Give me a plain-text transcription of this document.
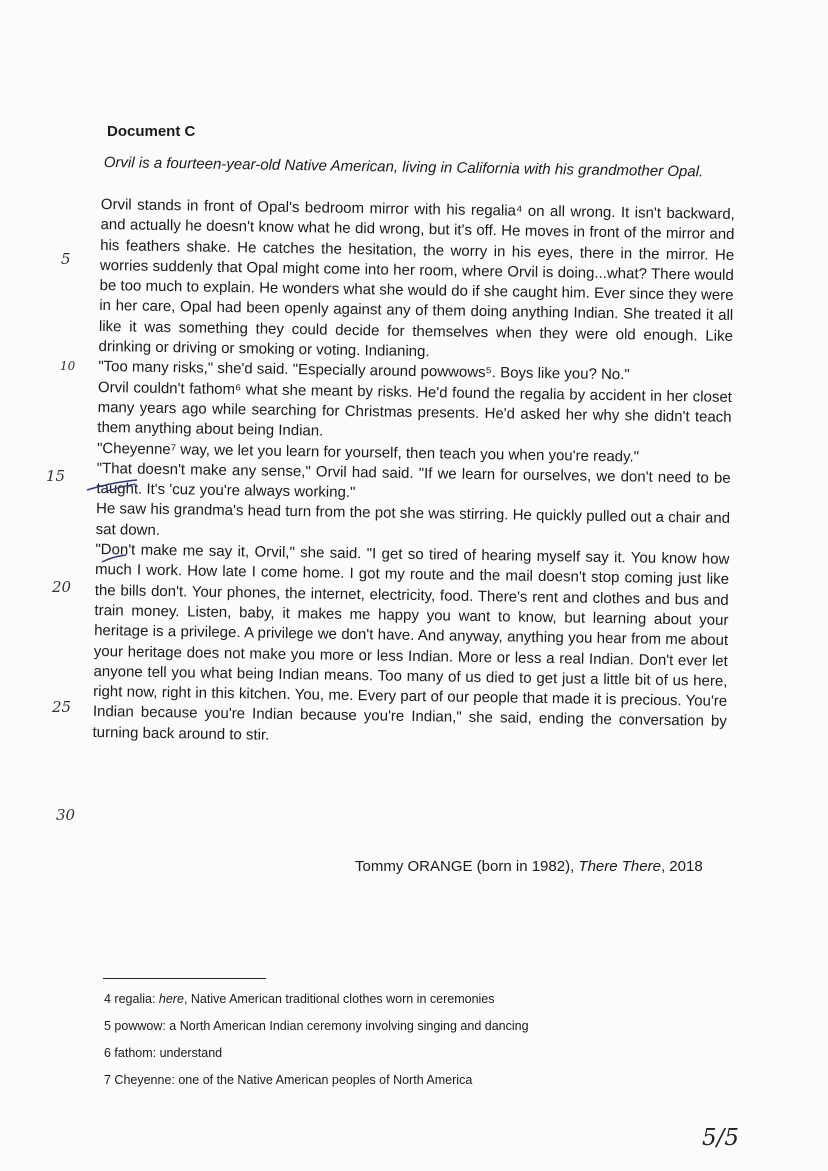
Document C
Orvil is a fourteen-year-old Native American, living in California with his grandmother Opal.

Orvil stands in front of Opal's bedroom mirror with his regalia⁴ on all wrong. It isn't backward, and actually he doesn't know what he did wrong, but it's off. He moves in front of the mirror and his feathers shake. He catches the hesitation, the worry in his eyes, there in the mirror. He worries suddenly that Opal might come into her room, where Orvil is doing...what? There would be too much to explain. He wonders what she would do if she caught him. Ever since they were in her care, Opal had been openly against any of them doing anything Indian. She treated it all like it was something they could decide for themselves when they were old enough. Like drinking or driving or smoking or voting. Indianing.

"Too many risks," she'd said. "Especially around powwows⁵. Boys like you? No."

Orvil couldn't fathom⁶ what she meant by risks. He'd found the regalia by accident in her closet many years ago while searching for Christmas presents. He'd asked her why she didn't teach them anything about being Indian.

"Cheyenne⁷ way, we let you learn for yourself, then teach you when you're ready."

"That doesn't make any sense," Orvil had said. "If we learn for ourselves, we don't need to be taught. It's 'cuz you're always working."

He saw his grandma's head turn from the pot she was stirring. He quickly pulled out a chair and sat down.

"Don't make me say it, Orvil," she said. "I get so tired of hearing myself say it. You know how much I work. How late I come home. I got my route and the mail doesn't stop coming just like the bills don't. Your phones, the internet, electricity, food. There's rent and clothes and bus and train money. Listen, baby, it makes me happy you want to know, but learning about your heritage is a privilege. A privilege we don't have. And anyway, anything you hear from me about your heritage does not make you more or less Indian. More or less a real Indian. Don't ever let anyone tell you what being Indian means. Too many of us died to get just a little bit of us here, right now, right in this kitchen. You, me. Every part of our people that made it is precious. You're Indian because you're Indian because you're Indian," she said, ending the conversation by turning back around to stir.

5
10
15
20
25
30
Tommy ORANGE (born in 1982), There There, 2018
4 regalia: here, Native American traditional clothes worn in ceremonies
5 powwow: a North American Indian ceremony involving singing and dancing
6 fathom: understand
7 Cheyenne: one of the Native American peoples of North America
5/5
